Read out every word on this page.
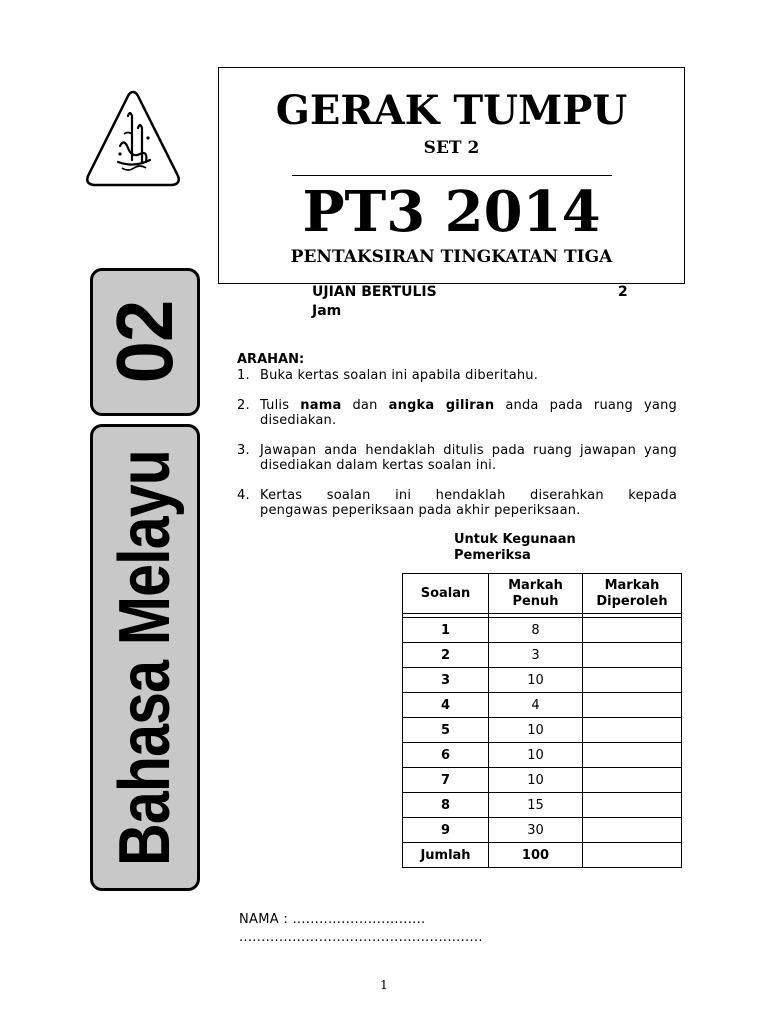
GERAK TUMPU
SET 2
PT3 2014
PENTAKSIRAN TINGKATAN TIGA
02
Bahasa Melayu
UJIAN BERTULIS	2
Jam
ARAHAN:
1. Buka kertas soalan ini apabila diberitahu.
2. Tulis nama dan angka giliran anda pada ruang yang disediakan.
3. Jawapan anda hendaklah ditulis pada ruang jawapan yang disediakan dalam kertas soalan ini.
4. Kertas soalan ini hendaklah diserahkan kepada
pengawas peperiksaan pada akhir peperiksaan.
Untuk Kegunaan
Pemeriksa
Soalan	Markah Penuh	Markah Diperoleh

1	8	
2	3	
3	10	
4	4	
5	10	
6	10	
7	10	
8	15	
9	30	
Jumlah	100	
NAMA : ..............................
.......................................................
1
